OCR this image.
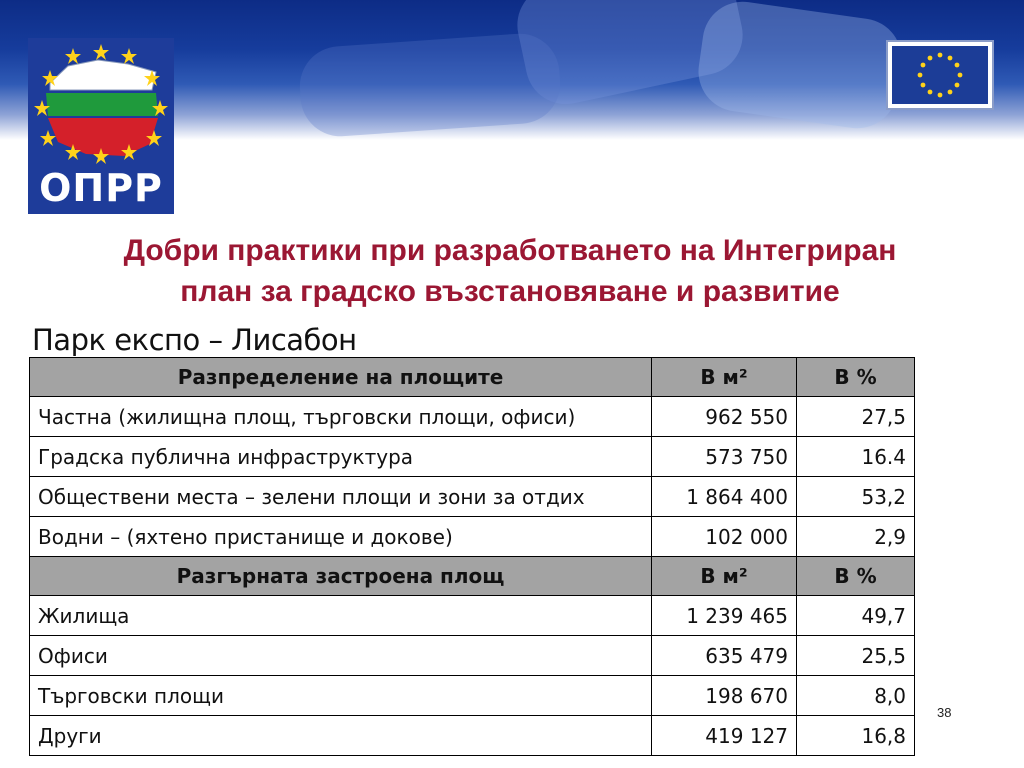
ОПРР
Добри практики при разработването на Интегриран
план за градско възстановяване и развитие
Парк експо – Лисабон
Разпределение на площите	В м²	В %
Частна (жилищна площ, търговски площи, офиси)	962 550	27,5
Градска публична инфраструктура	573 750	16.4
Обществени места – зелени площи и зони за отдих	1 864 400	53,2
Водни – (яхтено пристанище и докове)	102 000	2,9
Разгърната застроена площ	В м²	В %
Жилища	1 239 465	49,7
Офиси	635 479	25,5
Търговски площи	198 670	8,0
Други	419 127	16,8
38
